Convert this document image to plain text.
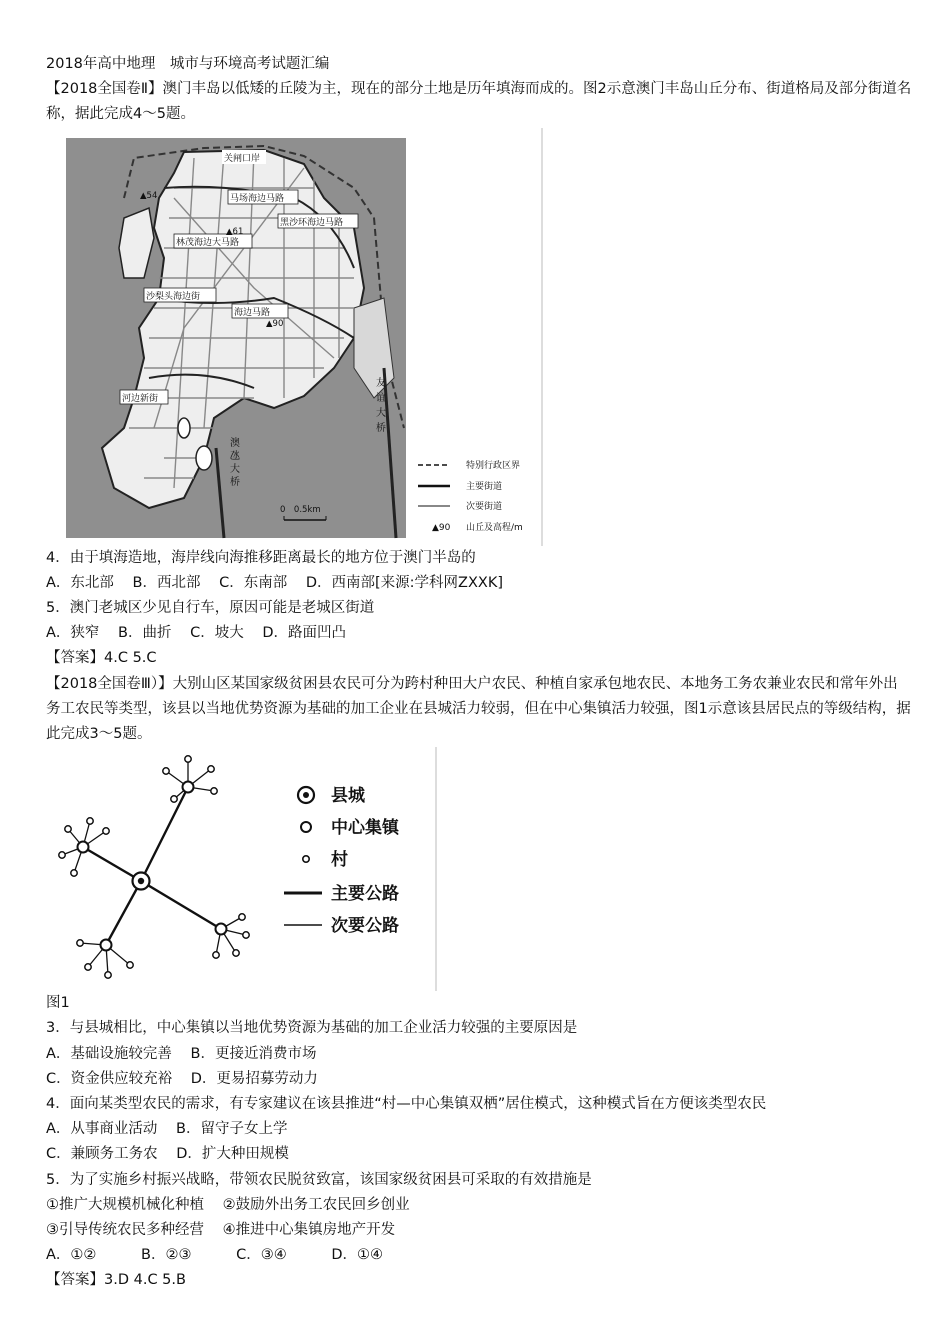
2018年高中地理　城市与环境高考试题汇编
【2018全国卷Ⅱ】澳门丰岛以低矮的丘陵为主，现在的部分土地是历年填海而成的。图2示意澳门丰岛山丘分布、街道格局及部分街道名称，据此完成4～5题。
关闸口岸
马场海边马路
黑沙环海边马路
林茂海边大马路
沙梨头海边街
海边马路
河边新街
▲54
▲61
▲90
澳氹大桥
友谊大桥
0　0.5km
特别行政区界
主要街道
次要街道
▲90 山丘及高程/m
4．由于填海造地，海岸线向海推移距离最长的地方位于澳门半岛的
A．东北部 B．西北部 C．东南部 D．西南部[来源:学科网ZXXK]
5．澳门老城区少见自行车，原因可能是老城区街道
A．狭窄 B．曲折 C．坡大 D．路面凹凸
【答案】4.C 5.C
【2018全国卷Ⅲ）】大别山区某国家级贫困县农民可分为跨村种田大户农民、种植自家承包地农民、本地务工务农兼业农民和常年外出务工农民等类型，该县以当地优势资源为基础的加工企业在县城活力较弱，但在中心集镇活力较强，图1示意该县居民点的等级结构，据此完成3～5题。
县城
中心集镇
村
主要公路
次要公路
图1
3．与县城相比，中心集镇以当地优势资源为基础的加工企业活力较强的主要原因是
A．基础设施较完善 B．更接近消费市场
C．资金供应较充裕 D．更易招募劳动力
4．面向某类型农民的需求，有专家建议在该县推进“村—中心集镇双栖”居住模式，这种模式旨在方便该类型农民
A．从事商业活动 B．留守子女上学
C．兼顾务工务农 D．扩大种田规模
5．为了实施乡村振兴战略，带领农民脱贫致富，该国家级贫困县可采取的有效措施是
①推广大规模机械化种植 ②鼓励外出务工农民回乡创业
③引导传统农民多种经营 ④推进中心集镇房地产开发
A．①②	B．②③	C．③④	D．①④
【答案】3.D 4.C 5.B
